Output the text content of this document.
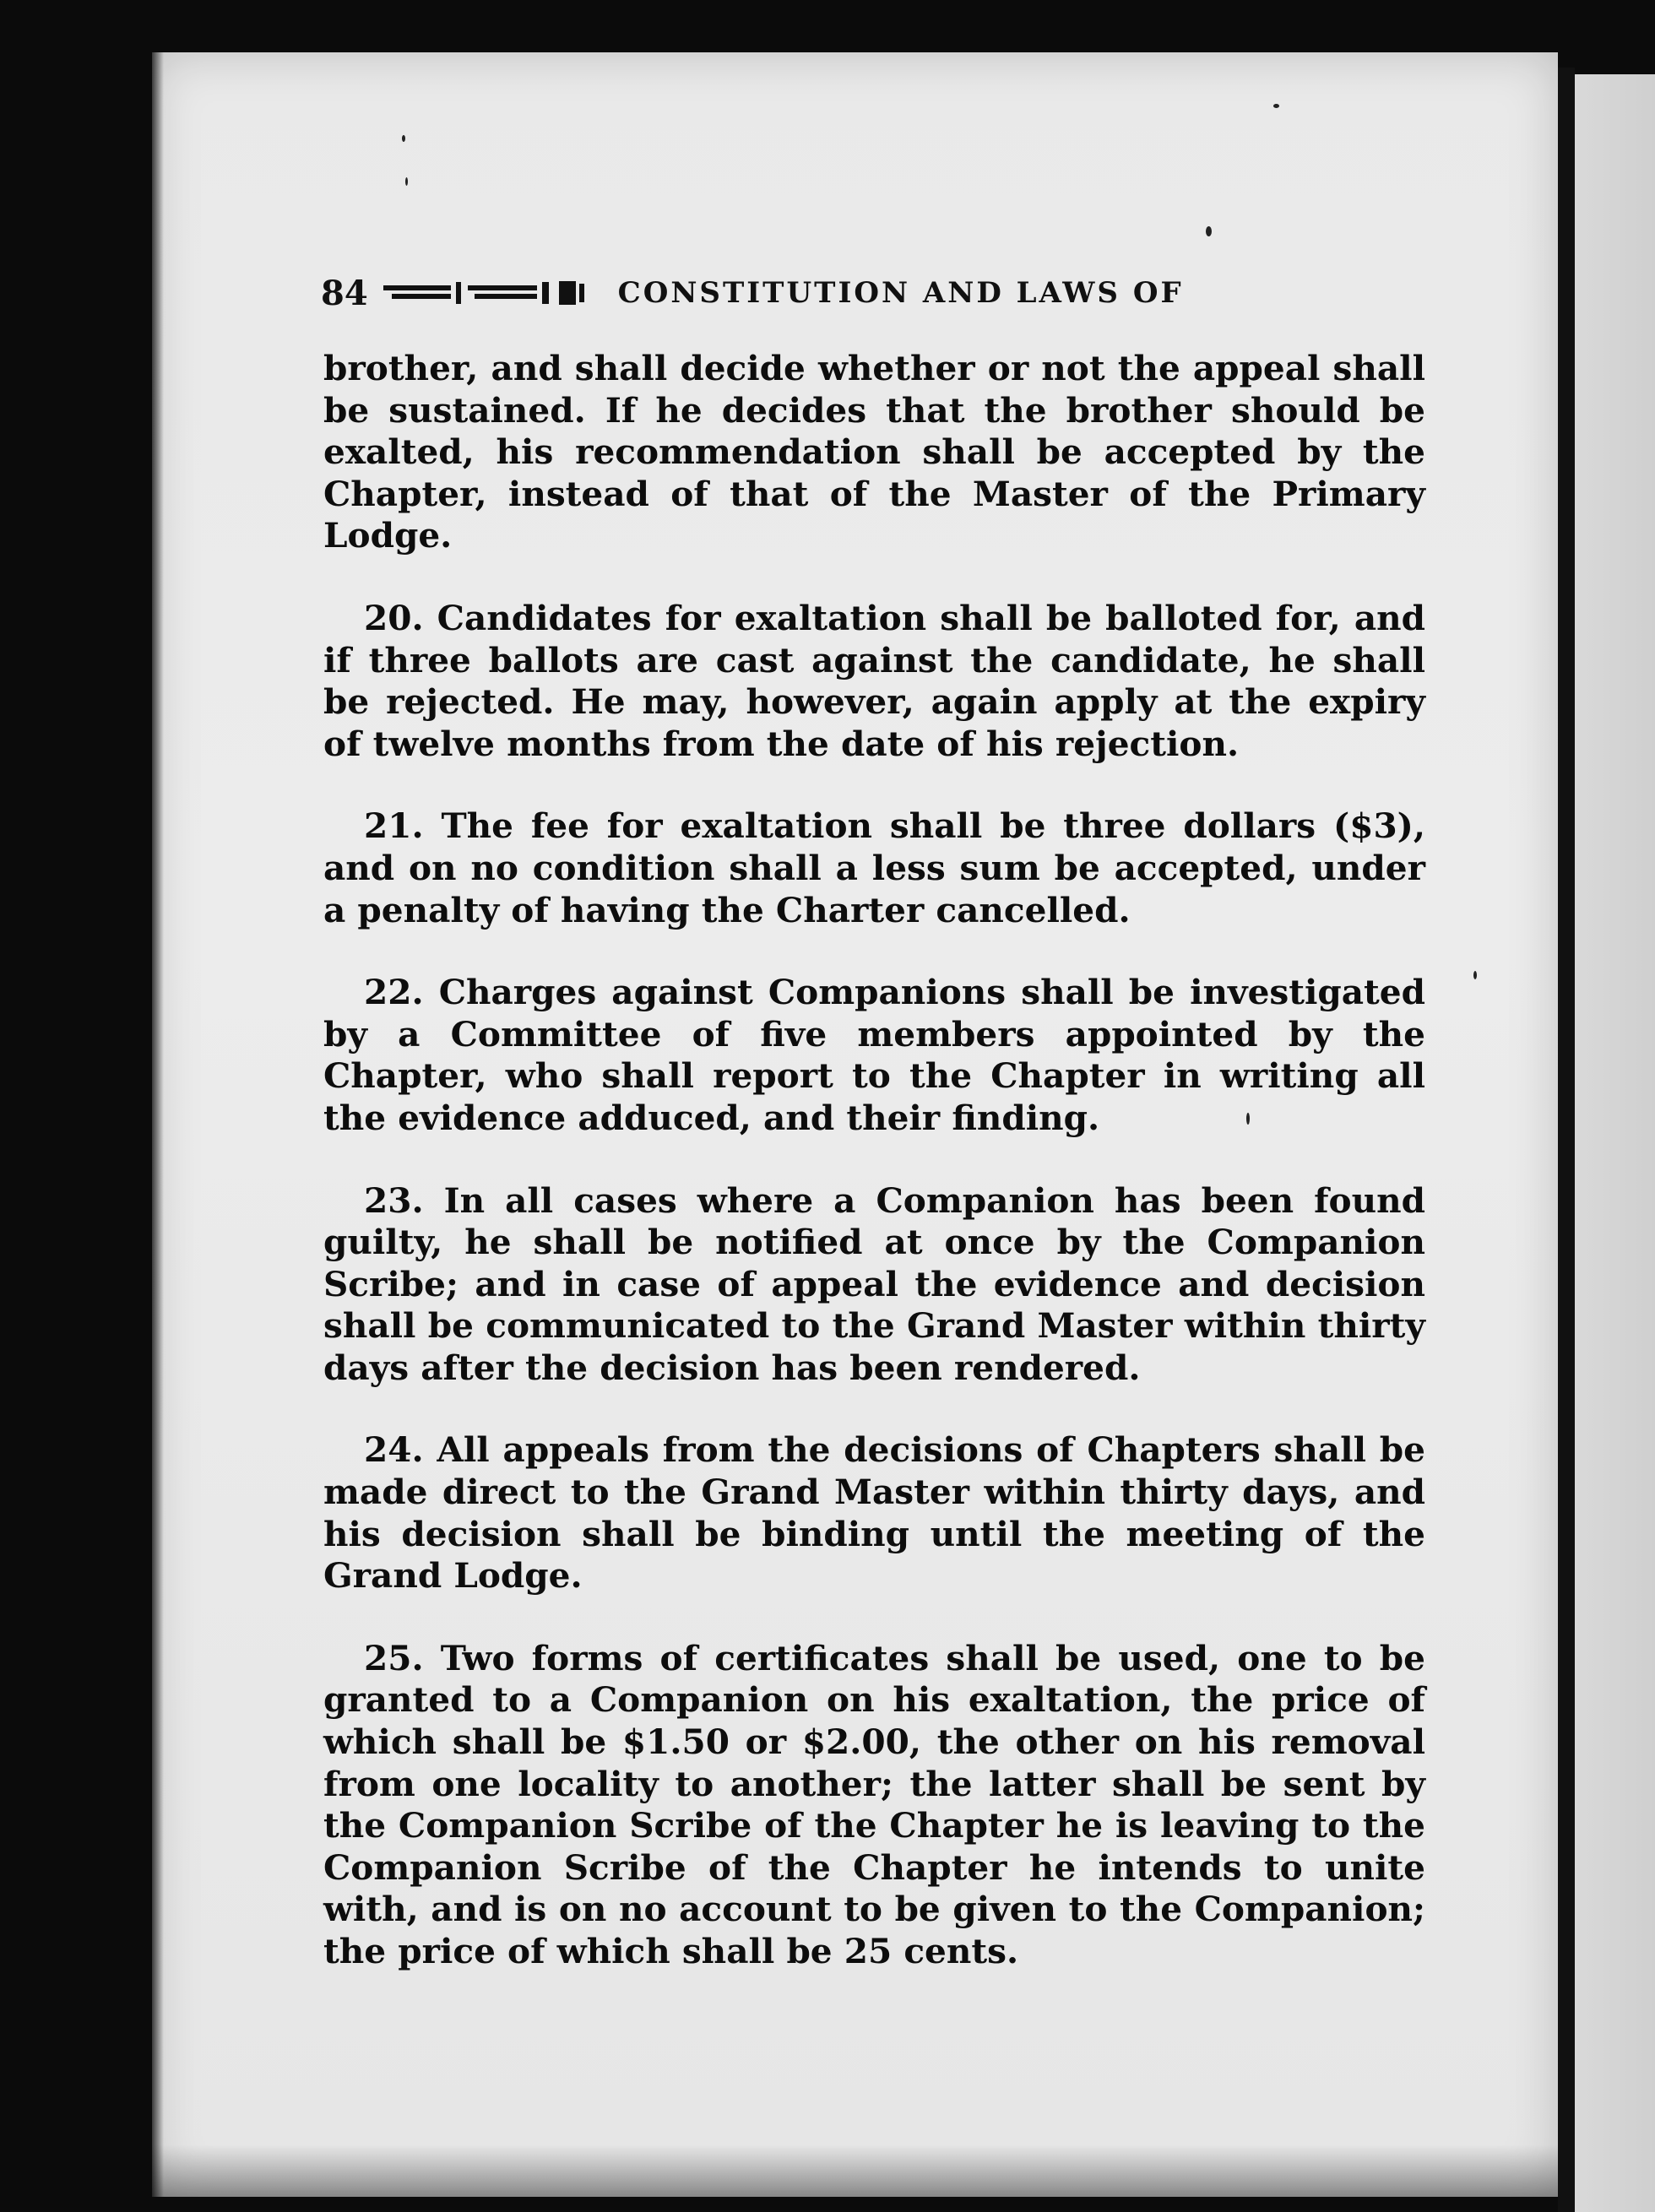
84	CONSTITUTION AND LAWS OF

brother, and shall decide whether or not the appeal shall be sustained. If he decides that the brother should be exalted, his recommendation shall be accepted by the Chapter, instead of that of the Master of the Primary Lodge.

20. Candidates for exaltation shall be balloted for, and if three ballots are cast against the candidate, he shall be rejected. He may, however, again apply at the expiry of twelve months from the date of his rejection.

21. The fee for exaltation shall be three dollars ($3), and on no condition shall a less sum be accepted, under a penalty of having the Charter cancelled.

22. Charges against Companions shall be investigated by a Committee of five members appointed by the Chapter, who shall report to the Chapter in writing all the evidence adduced, and their finding.

23. In all cases where a Companion has been found guilty, he shall be notified at once by the Companion Scribe; and in case of appeal the evidence and decision shall be communicated to the Grand Master within thirty days after the decision has been rendered.

24. All appeals from the decisions of Chapters shall be made direct to the Grand Master within thirty days, and his decision shall be binding until the meeting of the Grand Lodge.

25. Two forms of certificates shall be used, one to be granted to a Companion on his exaltation, the price of which shall be $1.50 or $2.00, the other on his removal from one locality to another; the latter shall be sent by the Companion Scribe of the Chapter he is leaving to the Companion Scribe of the Chapter he intends to unite with, and is on no account to be given to the Companion; the price of which shall be 25 cents.
